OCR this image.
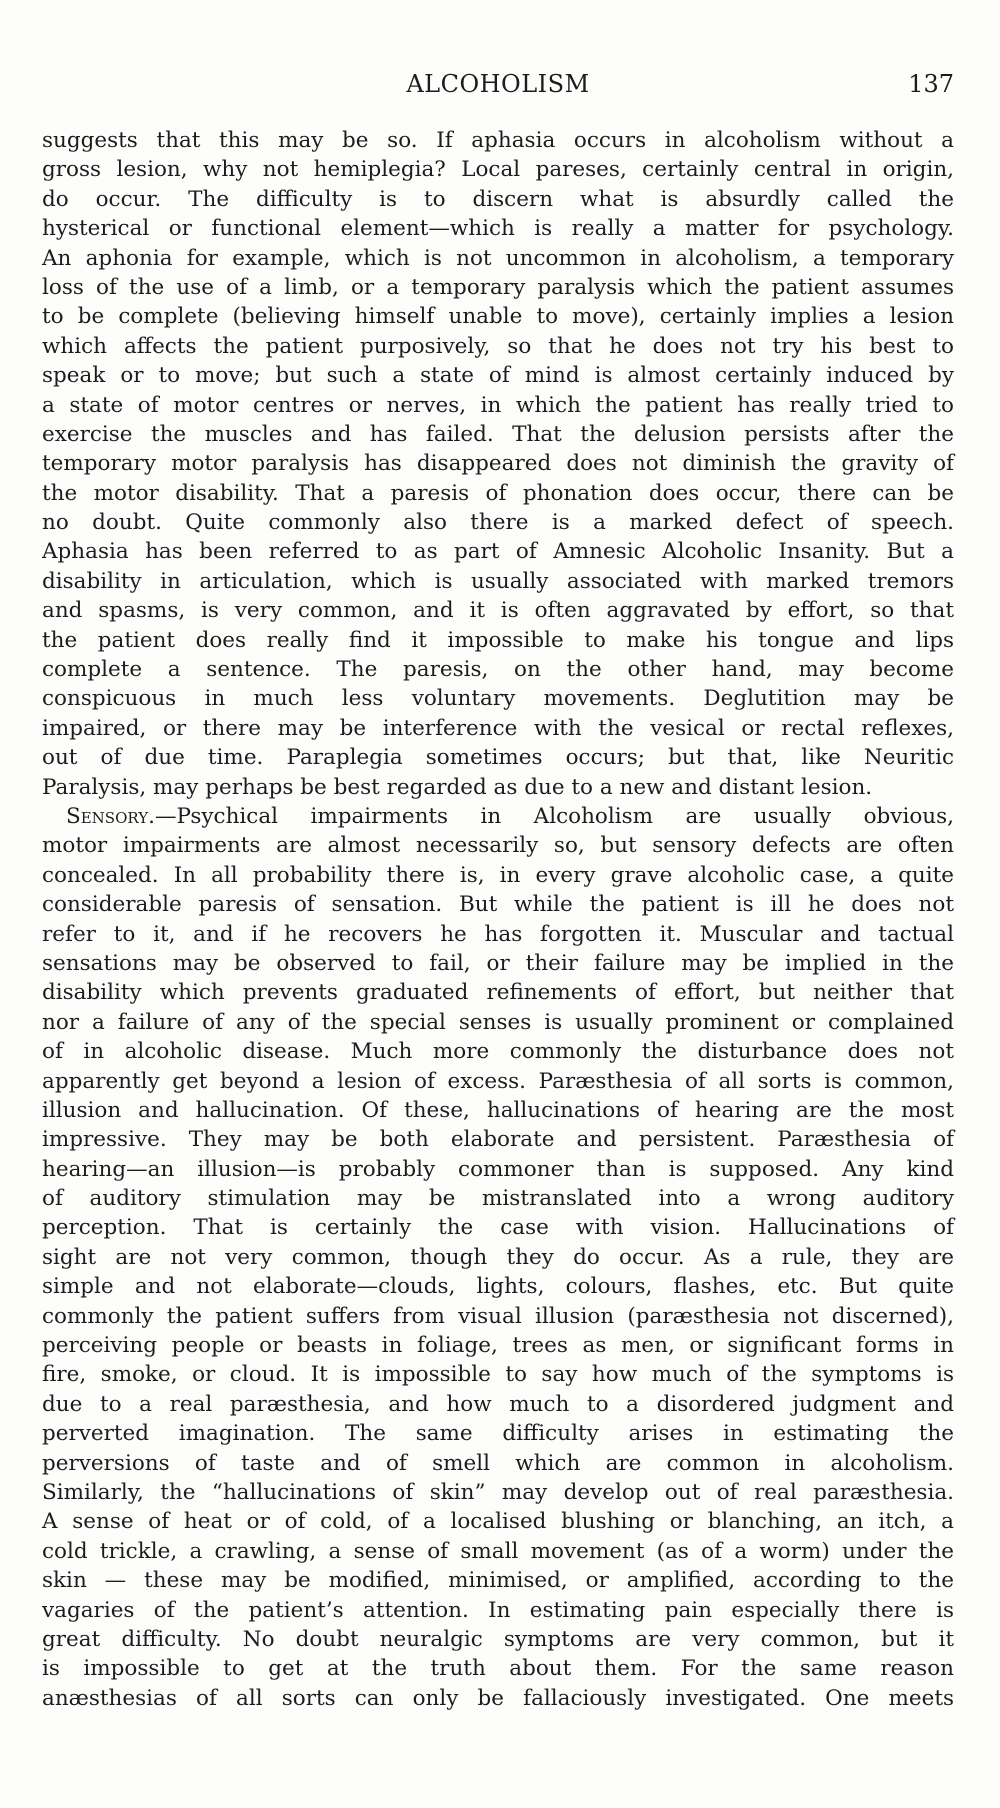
ALCOHOLISM	137
suggests that this may be so. If aphasia occurs in alcoholism without a
gross lesion, why not hemiplegia? Local pareses, certainly central in origin,
do occur. The difficulty is to discern what is absurdly called the
hysterical or functional element—which is really a matter for psychology.
An aphonia for example, which is not uncommon in alcoholism, a temporary
loss of the use of a limb, or a temporary paralysis which the patient assumes
to be complete (believing himself unable to move), certainly implies a lesion
which affects the patient purposively, so that he does not try his best to
speak or to move; but such a state of mind is almost certainly induced by
a state of motor centres or nerves, in which the patient has really tried to
exercise the muscles and has failed. That the delusion persists after the
temporary motor paralysis has disappeared does not diminish the gravity of
the motor disability. That a paresis of phonation does occur, there can be
no doubt. Quite commonly also there is a marked defect of speech.
Aphasia has been referred to as part of Amnesic Alcoholic Insanity. But a
disability in articulation, which is usually associated with marked tremors
and spasms, is very common, and it is often aggravated by effort, so that
the patient does really find it impossible to make his tongue and lips
complete a sentence. The paresis, on the other hand, may become
conspicuous in much less voluntary movements. Deglutition may be
impaired, or there may be interference with the vesical or rectal reflexes,
out of due time. Paraplegia sometimes occurs; but that, like Neuritic
Paralysis, may perhaps be best regarded as due to a new and distant lesion.
Sensory.—Psychical impairments in Alcoholism are usually obvious,
motor impairments are almost necessarily so, but sensory defects are often
concealed. In all probability there is, in every grave alcoholic case, a quite
considerable paresis of sensation. But while the patient is ill he does not
refer to it, and if he recovers he has forgotten it. Muscular and tactual
sensations may be observed to fail, or their failure may be implied in the
disability which prevents graduated refinements of effort, but neither that
nor a failure of any of the special senses is usually prominent or complained
of in alcoholic disease. Much more commonly the disturbance does not
apparently get beyond a lesion of excess. Paræsthesia of all sorts is common,
illusion and hallucination. Of these, hallucinations of hearing are the most
impressive. They may be both elaborate and persistent. Paræsthesia of
hearing—an illusion—is probably commoner than is supposed. Any kind
of auditory stimulation may be mistranslated into a wrong auditory
perception. That is certainly the case with vision. Hallucinations of
sight are not very common, though they do occur. As a rule, they are
simple and not elaborate—clouds, lights, colours, flashes, etc. But quite
commonly the patient suffers from visual illusion (paræsthesia not discerned),
perceiving people or beasts in foliage, trees as men, or significant forms in
fire, smoke, or cloud. It is impossible to say how much of the symptoms is
due to a real paræsthesia, and how much to a disordered judgment and
perverted imagination. The same difficulty arises in estimating the
perversions of taste and of smell which are common in alcoholism.
Similarly, the “hallucinations of skin” may develop out of real paræsthesia.
A sense of heat or of cold, of a localised blushing or blanching, an itch, a
cold trickle, a crawling, a sense of small movement (as of a worm) under the
skin — these may be modified, minimised, or amplified, according to the
vagaries of the patient’s attention. In estimating pain especially there is
great difficulty. No doubt neuralgic symptoms are very common, but it
is impossible to get at the truth about them. For the same reason
anæsthesias of all sorts can only be fallaciously investigated. One meets
